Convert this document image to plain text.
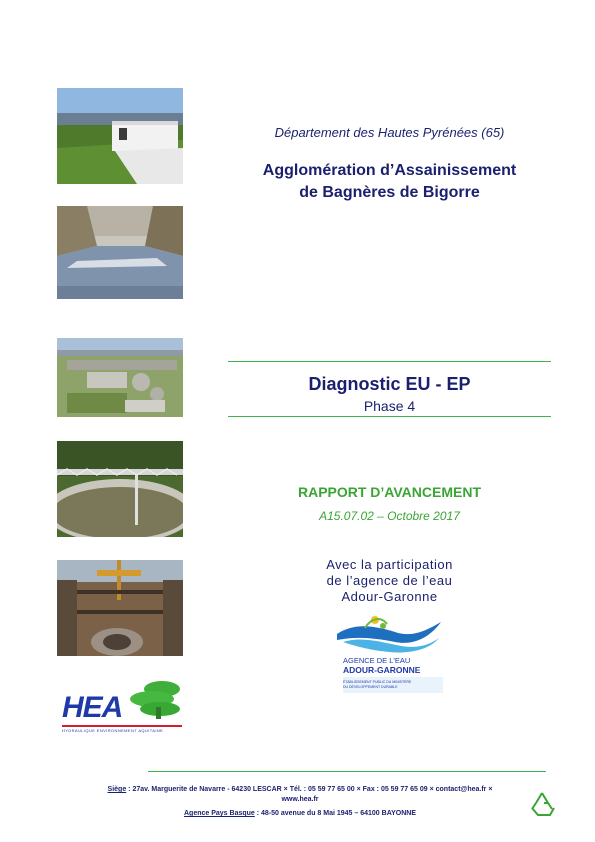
HEA
HYDRAULIQUE ENVIRONNEMENT AQUITAINE
Département des Hautes Pyrénées (65)
Agglomération d’Assainissement
de Bagnères de Bigorre
Diagnostic EU - EP
Phase 4
RAPPORT D’AVANCEMENT
A15.07.02 – Octobre 2017
Avec la participation
de l’agence de l’eau
Adour-Garonne
AGENCE DE L'EAU
ADOUR-GARONNE
ÉTABLISSEMENT PUBLIC DU MINISTÈRE
DU DÉVELOPPEMENT DURABLE
Siège : 27av. Marguerite de Navarre - 64230 LESCAR × Tél. : 05 59 77 65 00 × Fax : 05 59 77 65 09 × contact@hea.fr ×
www.hea.fr
Agence Pays Basque : 48-50 avenue du 8 Mai 1945 – 64100 BAYONNE
